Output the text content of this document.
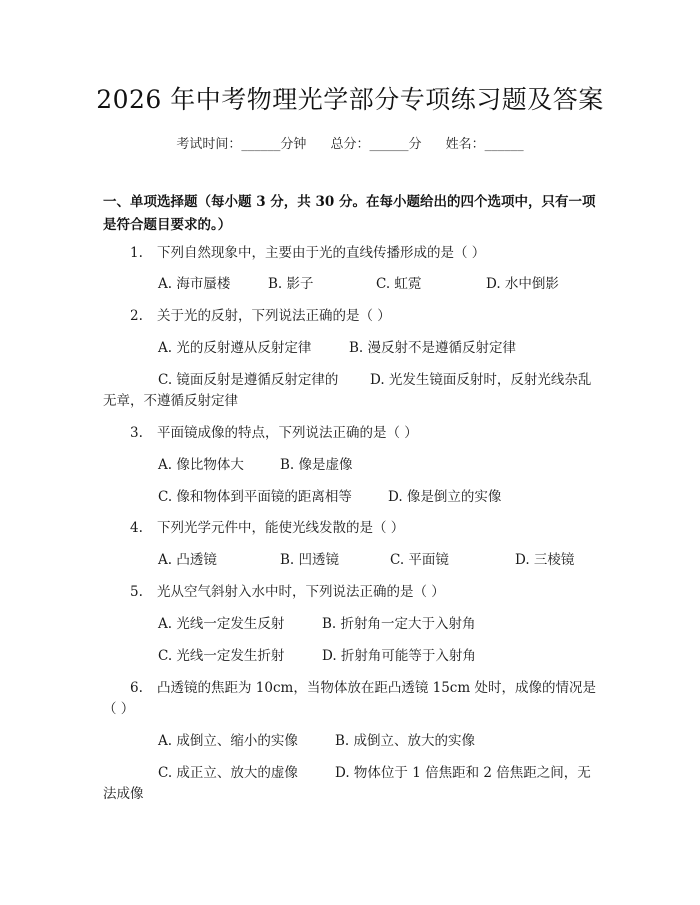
2026 年中考物理光学部分专项练习题及答案
考试时间：______分钟 总分：______分 姓名：______
一、单项选择题（每小题 3 分，共 30 分。在每小题给出的四个选项中，只有一项是符合题目要求的。）
1. 下列自然现象中，主要由于光的直线传播形成的是（ ）
A. 海市蜃楼	B. 影子	C. 虹霓	D. 水中倒影
2. 关于光的反射，下列说法正确的是（ ）
A. 光的反射遵从反射定律	B. 漫反射不是遵循反射定律
C. 镜面反射是遵循反射定律的 D. 光发生镜面反射时，反射光线杂乱无章，不遵循反射定律
3. 平面镜成像的特点，下列说法正确的是（ ）
A. 像比物体大	B. 像是虚像
C. 像和物体到平面镜的距离相等	D. 像是倒立的实像
4. 下列光学元件中，能使光线发散的是（ ）
A. 凸透镜	B. 凹透镜	C. 平面镜	D. 三棱镜
5. 光从空气斜射入水中时，下列说法正确的是（ ）
A. 光线一定发生反射	B. 折射角一定大于入射角
C. 光线一定发生折射	D. 折射角可能等于入射角
6. 凸透镜的焦距为 10cm，当物体放在距凸透镜 15cm 处时，成像的情况是（ ）
A. 成倒立、缩小的实像	B. 成倒立、放大的实像
C. 成正立、放大的虚像	D. 物体位于 1 倍焦距和 2 倍焦距之间，无法成像
